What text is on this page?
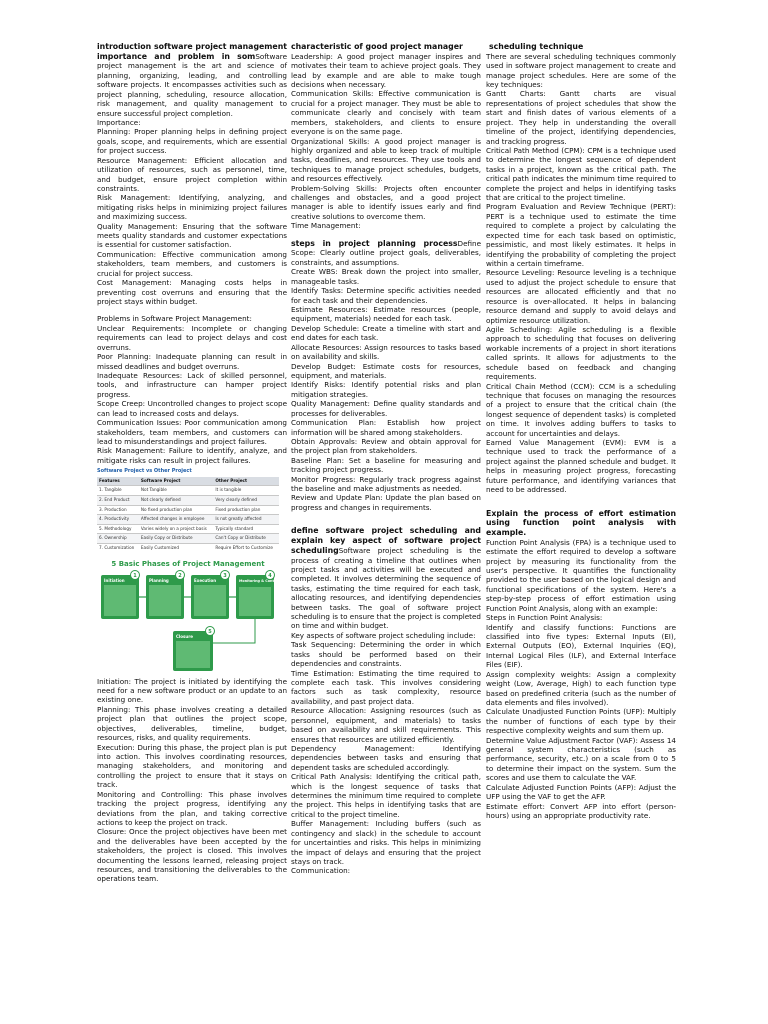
introduction software project management importance and problem in somSoftware project management is the art and science of planning, organizing, leading, and controlling software projects. It encompasses activities such as project planning, scheduling, resource allocation, risk management, and quality management to ensure successful project completion.

Importance:

Planning: Proper planning helps in defining project goals, scope, and requirements, which are essential for project success.

Resource Management: Efficient allocation and utilization of resources, such as personnel, time, and budget, ensure project completion within constraints.

Risk Management: Identifying, analyzing, and mitigating risks helps in minimizing project failures and maximizing success.

Quality Management: Ensuring that the software meets quality standards and customer expectations is essential for customer satisfaction.

Communication: Effective communication among stakeholders, team members, and customers is crucial for project success.

Cost Management: Managing costs helps in preventing cost overruns and ensuring that the project stays within budget.

Problems in Software Project Management:

Unclear Requirements: Incomplete or changing requirements can lead to project delays and cost overruns.

Poor Planning: Inadequate planning can result in missed deadlines and budget overruns.

Inadequate Resources: Lack of skilled personnel, tools, and infrastructure can hamper project progress.

Scope Creep: Uncontrolled changes to project scope can lead to increased costs and delays.

Communication Issues: Poor communication among stakeholders, team members, and customers can lead to misunderstandings and project failures.

Risk Management: Failure to identify, analyze, and mitigate risks can result in project failures.

Software Project vs Other Project
Features	Software Project	Other Project
1. Tangible	Not Tangible	It is tangible
2. End Product	Not clearly defined	Very clearly defined
3. Production	No fixed production plan	Fixed production plan
4. Productivity	Affected changes in employee	Is not greatly affected
5. Methodology	Varies widely on a project basis	Typically standard
6. Ownership	Easily Copy or Distribute	Can't Copy or Distribute
7. Customization	Easily Customized	Require Effort to Customize
5 Basic Phases of Project Management
Initiation
1
Planning
2
Execution
3
Monitoring & Control
4
Closure
5

Initiation: The project is initiated by identifying the need for a new software product or an update to an existing one.

Planning: This phase involves creating a detailed project plan that outlines the project scope, objectives, deliverables, timeline, budget, resources, risks, and quality requirements.

Execution: During this phase, the project plan is put into action. This involves coordinating resources, managing stakeholders, and monitoring and controlling the project to ensure that it stays on track.

Monitoring and Controlling: This phase involves tracking the project progress, identifying any deviations from the plan, and taking corrective actions to keep the project on track.

Closure: Once the project objectives have been met and the deliverables have been accepted by the stakeholders, the project is closed. This involves documenting the lessons learned, releasing project resources, and transitioning the deliverables to the operations team.

characteristic of good project manager

Leadership: A good project manager inspires and motivates their team to achieve project goals. They lead by example and are able to make tough decisions when necessary.

Communication Skills: Effective communication is crucial for a project manager. They must be able to communicate clearly and concisely with team members, stakeholders, and clients to ensure everyone is on the same page.

Organizational Skills: A good project manager is highly organized and able to keep track of multiple tasks, deadlines, and resources. They use tools and techniques to manage project schedules, budgets, and resources effectively.

Problem-Solving Skills: Projects often encounter challenges and obstacles, and a good project manager is able to identify issues early and find creative solutions to overcome them.

Time Management:

steps in project planning processDefine Scope: Clearly outline project goals, deliverables, constraints, and assumptions.

Create WBS: Break down the project into smaller, manageable tasks.

Identify Tasks: Determine specific activities needed for each task and their dependencies.

Estimate Resources: Estimate resources (people, equipment, materials) needed for each task.

Develop Schedule: Create a timeline with start and end dates for each task.

Allocate Resources: Assign resources to tasks based on availability and skills.

Develop Budget: Estimate costs for resources, equipment, and materials.

Identify Risks: Identify potential risks and plan mitigation strategies.

Quality Management: Define quality standards and processes for deliverables.

Communication Plan: Establish how project information will be shared among stakeholders.

Obtain Approvals: Review and obtain approval for the project plan from stakeholders.

Baseline Plan: Set a baseline for measuring and tracking project progress.

Monitor Progress: Regularly track progress against the baseline and make adjustments as needed.

Review and Update Plan: Update the plan based on progress and changes in requirements.

define software project scheduling and explain key aspect of software project schedulingSoftware project scheduling is the process of creating a timeline that outlines when project tasks and activities will be executed and completed. It involves determining the sequence of tasks, estimating the time required for each task, allocating resources, and identifying dependencies between tasks. The goal of software project scheduling is to ensure that the project is completed on time and within budget.

Key aspects of software project scheduling include:

Task Sequencing: Determining the order in which tasks should be performed based on their dependencies and constraints.

Time Estimation: Estimating the time required to complete each task. This involves considering factors such as task complexity, resource availability, and past project data.

Resource Allocation: Assigning resources (such as personnel, equipment, and materials) to tasks based on availability and skill requirements. This ensures that resources are utilized efficiently.

Dependency Management: Identifying dependencies between tasks and ensuring that dependent tasks are scheduled accordingly.

Critical Path Analysis: Identifying the critical path, which is the longest sequence of tasks that determines the minimum time required to complete the project. This helps in identifying tasks that are critical to the project timeline.

Buffer Management: Including buffers (such as contingency and slack) in the schedule to account for uncertainties and risks. This helps in minimizing the impact of delays and ensuring that the project stays on track.

Communication:

scheduling technique

There are several scheduling techniques commonly used in software project management to create and manage project schedules. Here are some of the key techniques:

Gantt Charts: Gantt charts are visual representations of project schedules that show the start and finish dates of various elements of a project. They help in understanding the overall timeline of the project, identifying dependencies, and tracking progress.

Critical Path Method (CPM): CPM is a technique used to determine the longest sequence of dependent tasks in a project, known as the critical path. The critical path indicates the minimum time required to complete the project and helps in identifying tasks that are critical to the project timeline.

Program Evaluation and Review Technique (PERT): PERT is a technique used to estimate the time required to complete a project by calculating the expected time for each task based on optimistic, pessimistic, and most likely estimates. It helps in identifying the probability of completing the project within a certain timeframe.

Resource Leveling: Resource leveling is a technique used to adjust the project schedule to ensure that resources are allocated efficiently and that no resource is over-allocated. It helps in balancing resource demand and supply to avoid delays and optimize resource utilization.

Agile Scheduling: Agile scheduling is a flexible approach to scheduling that focuses on delivering workable increments of a project in short iterations called sprints. It allows for adjustments to the schedule based on feedback and changing requirements.

Critical Chain Method (CCM): CCM is a scheduling technique that focuses on managing the resources of a project to ensure that the critical chain (the longest sequence of dependent tasks) is completed on time. It involves adding buffers to tasks to account for uncertainties and delays.

Earned Value Management (EVM): EVM is a technique used to track the performance of a project against the planned schedule and budget. It helps in measuring project progress, forecasting future performance, and identifying variances that need to be addressed.

Explain the process of effort estimation using function point analysis with example.

Function Point Analysis (FPA) is a technique used to estimate the effort required to develop a software project by measuring its functionality from the user's perspective. It quantifies the functionality provided to the user based on the logical design and functional specifications of the system. Here's a step-by-step process of effort estimation using Function Point Analysis, along with an example:

Steps in Function Point Analysis:

Identify and classify functions: Functions are classified into five types: External Inputs (EI), External Outputs (EO), External Inquiries (EQ), Internal Logical Files (ILF), and External Interface Files (EIF).

Assign complexity weights: Assign a complexity weight (Low, Average, High) to each function type based on predefined criteria (such as the number of data elements and files involved).

Calculate Unadjusted Function Points (UFP): Multiply the number of functions of each type by their respective complexity weights and sum them up.

Determine Value Adjustment Factor (VAF): Assess 14 general system characteristics (such as performance, security, etc.) on a scale from 0 to 5 to determine their impact on the system. Sum the scores and use them to calculate the VAF.

Calculate Adjusted Function Points (AFP): Adjust the UFP using the VAF to get the AFP.

Estimate effort: Convert AFP into effort (person-hours) using an appropriate productivity rate.
